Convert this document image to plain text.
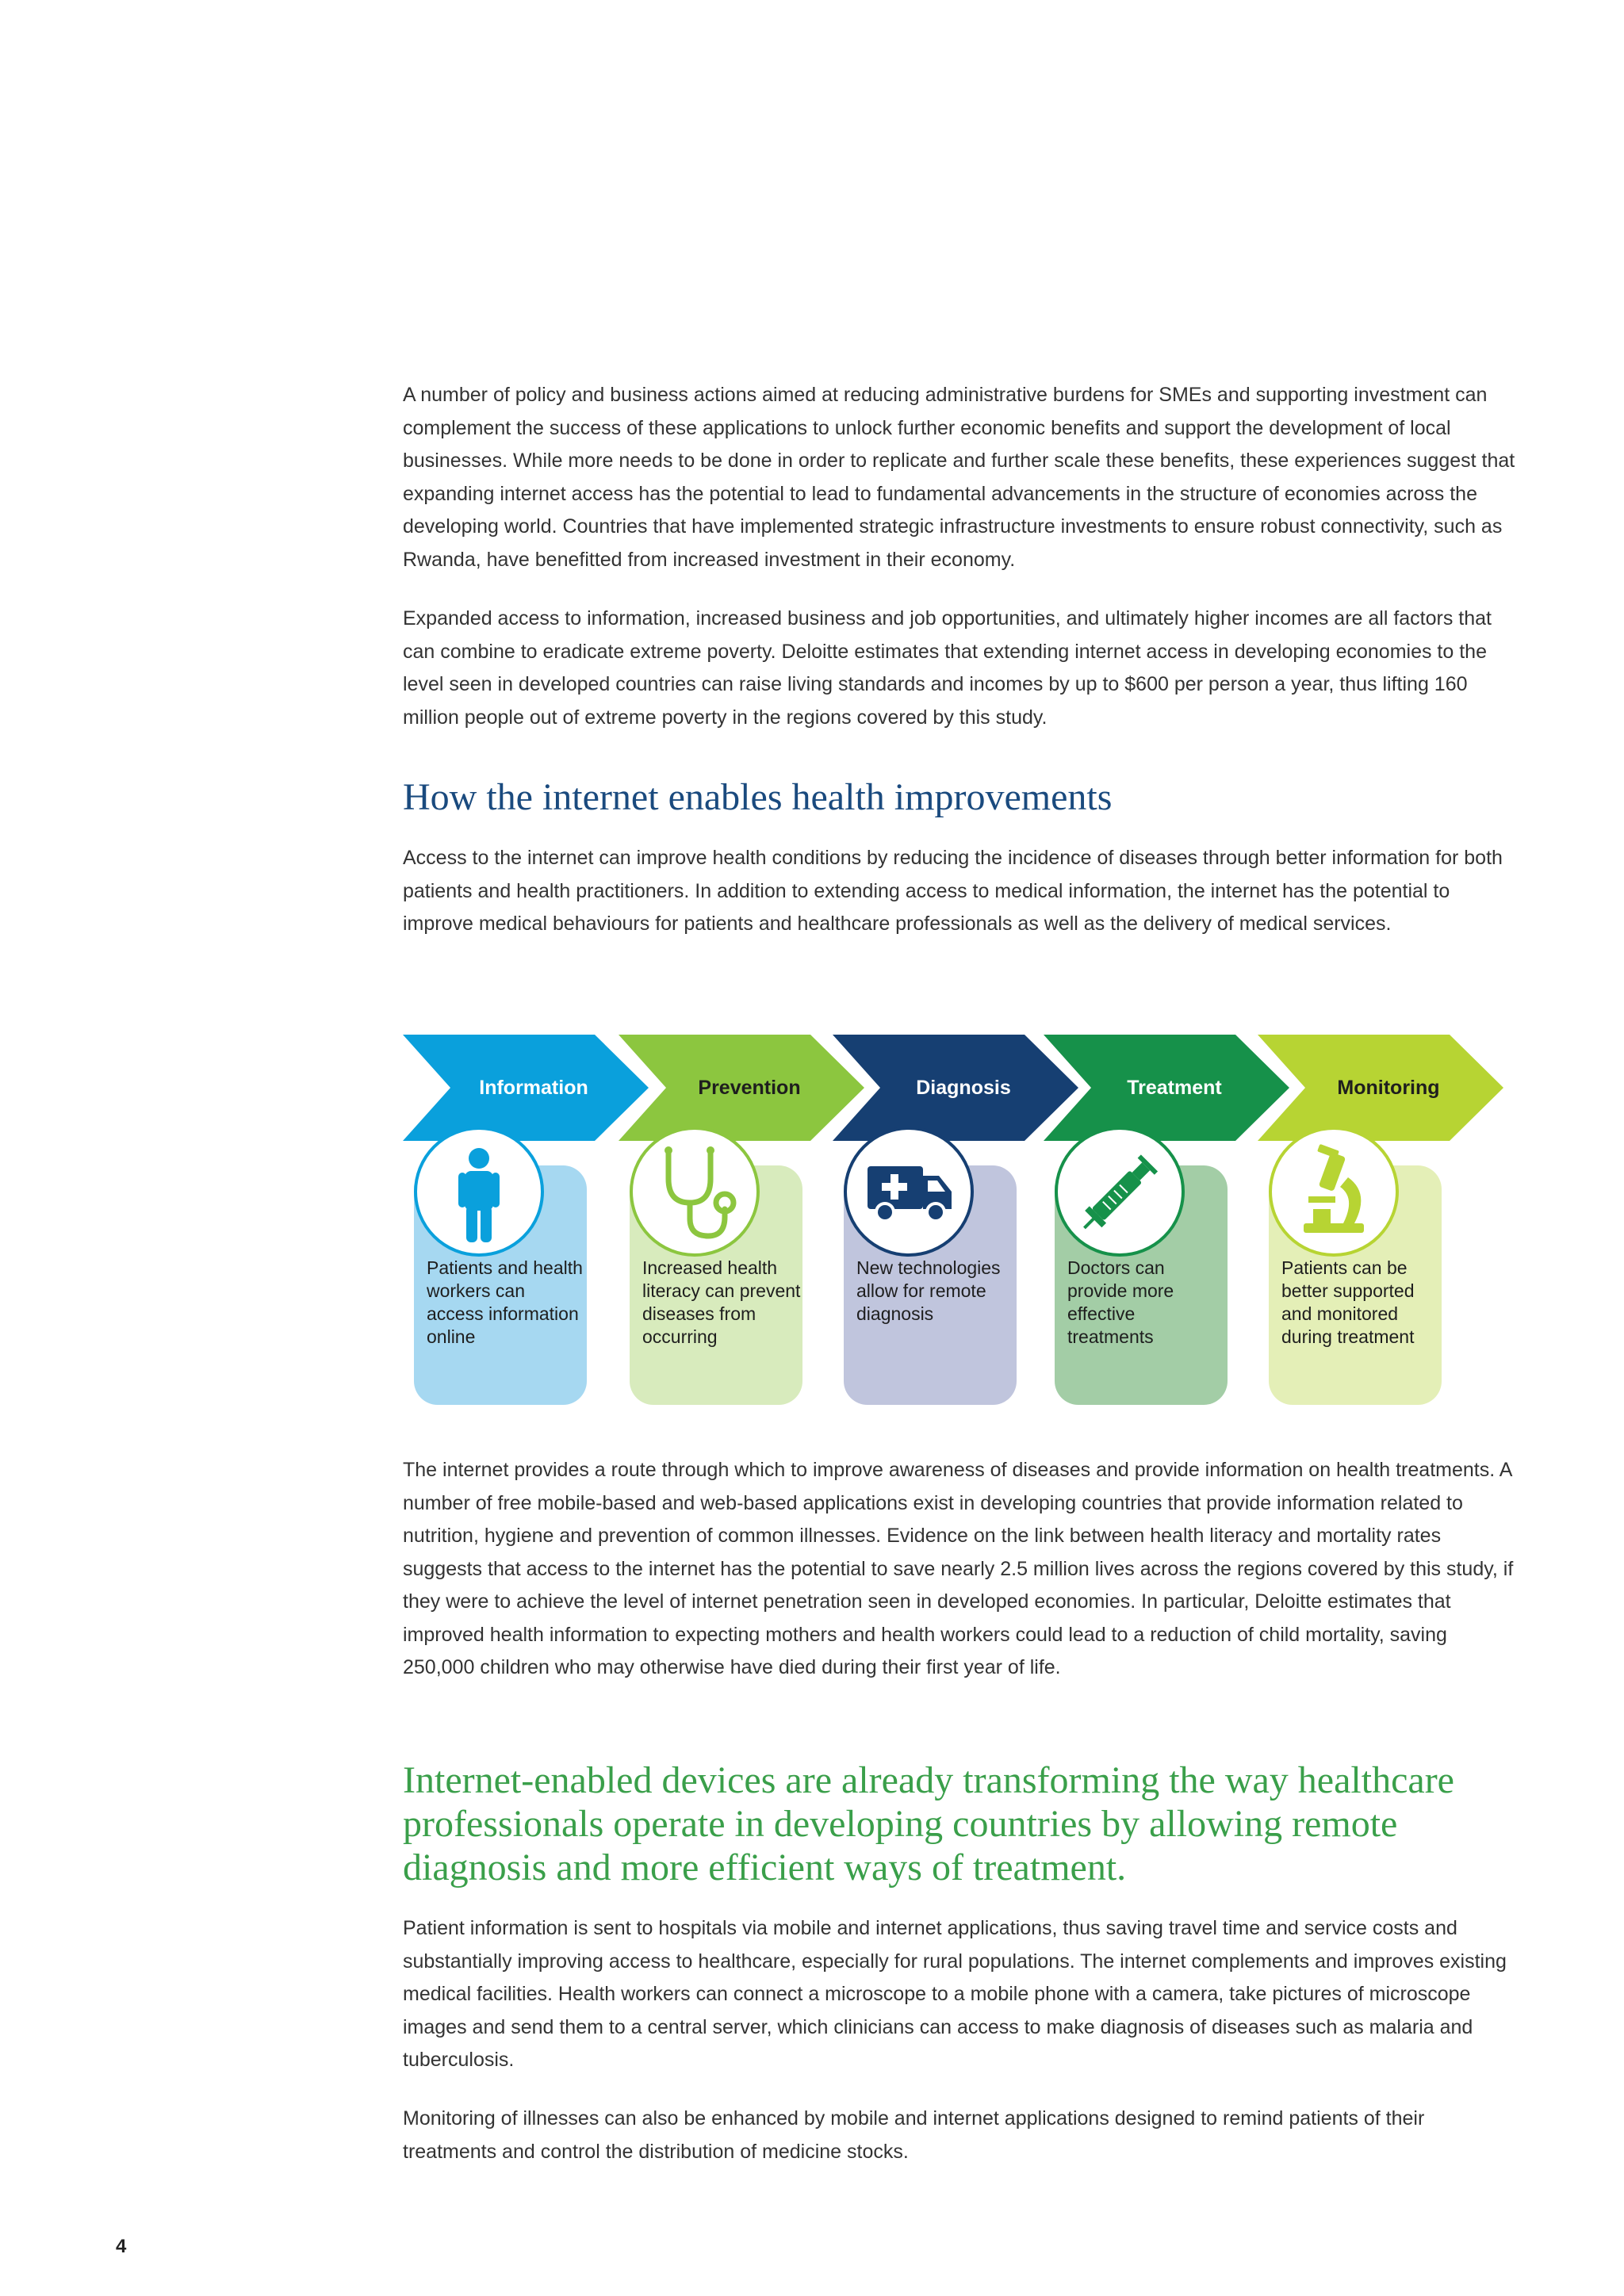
A number of policy and business actions aimed at reducing administrative burdens for SMEs and supporting investment can complement the success of these applications to unlock further economic benefits and support the development of local businesses. While more needs to be done in order to replicate and further scale these benefits, these experiences suggest that expanding internet access has the potential to lead to fundamental advancements in the structure of economies across the developing world. Countries that have implemented strategic infrastructure investments to ensure robust connectivity, such as Rwanda, have benefitted from increased investment in their economy.

Expanded access to information, increased business and job opportunities, and ultimately higher incomes are all factors that can combine to eradicate extreme poverty. Deloitte estimates that extending internet access in developing economies to the level seen in developed countries can raise living standards and incomes by up to $600 per person a year, thus lifting 160 million people out of extreme poverty in the regions covered by this study.

How the internet enables health improvements

Access to the internet can improve health conditions by reducing the incidence of diseases through better information for both patients and health practitioners. In addition to extending access to medical information, the internet has the potential to improve medical behaviours for patients and healthcare professionals as well as the delivery of medical services.

Information
Patients and health workers can access information online
Prevention
Increased health literacy can prevent diseases from occurring
Diagnosis
New technologies allow for remote diagnosis
Treatment
Doctors can provide more effective treatments
Monitoring
Patients can be better supported and monitored during treatment

The internet provides a route through which to improve awareness of diseases and provide information on health treatments. A number of free mobile-based and web-based applications exist in developing countries that provide information related to nutrition, hygiene and prevention of common illnesses. Evidence on the link between health literacy and mortality rates suggests that access to the internet has the potential to save nearly 2.5 million lives across the regions covered by this study, if they were to achieve the level of internet penetration seen in developed economies. In particular, Deloitte estimates that improved health information to expecting mothers and health workers could lead to a reduction of child mortality, saving 250,000 children who may otherwise have died during their first year of life.

Internet-enabled devices are already transforming the way healthcare professionals operate in developing countries by allowing remote diagnosis and more efficient ways of treatment.

Patient information is sent to hospitals via mobile and internet applications, thus saving travel time and service costs and substantially improving access to healthcare, especially for rural populations. The internet complements and improves existing medical facilities. Health workers can connect a microscope to a mobile phone with a camera, take pictures of microscope images and send them to a central server, which clinicians can access to make diagnosis of diseases such as malaria and tuberculosis.

Monitoring of illnesses can also be enhanced by mobile and internet applications designed to remind patients of their treatments and control the distribution of medicine stocks.

4
